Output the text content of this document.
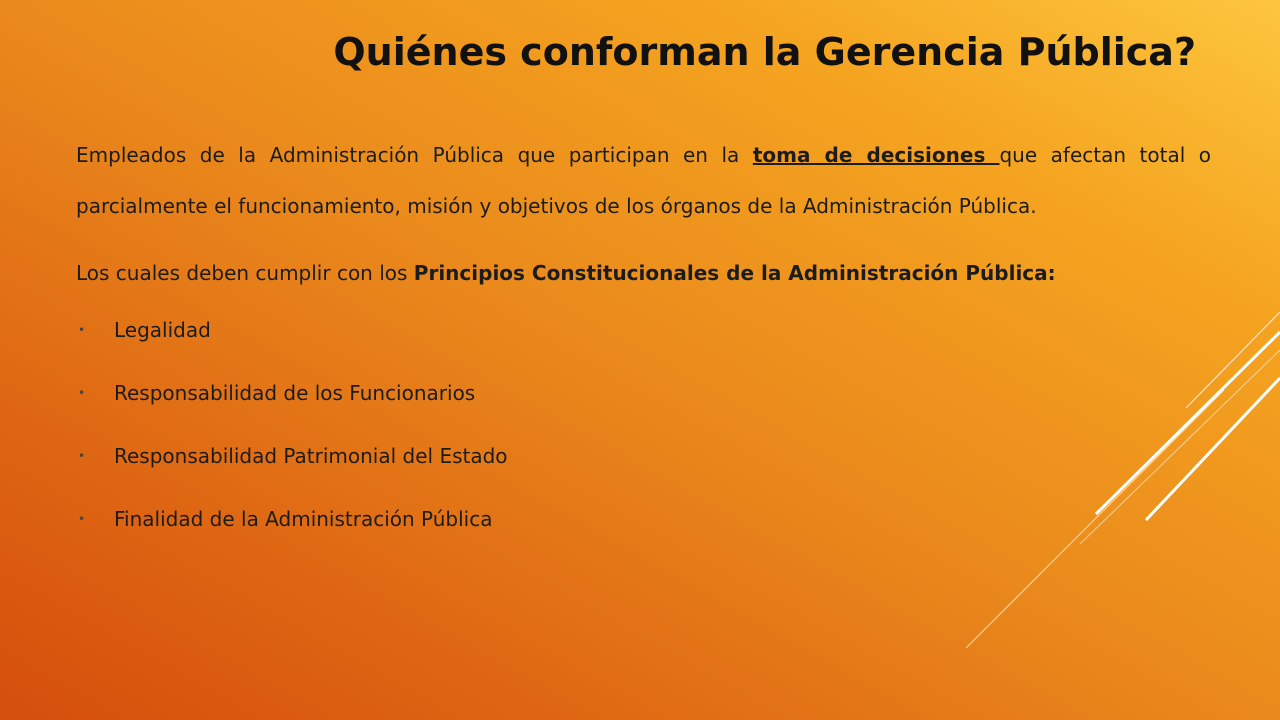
Quiénes conforman la Gerencia Pública?

Empleados de la Administración Pública que participan en la toma de decisiones que afectan total o parcialmente el funcionamiento, misión y objetivos de los órganos de la Administración Pública.

Los cuales deben cumplir con los Principios Constitucionales de la Administración Pública:

• Legalidad
• Responsabilidad de los Funcionarios
• Responsabilidad Patrimonial del Estado
• Finalidad de la Administración Pública
